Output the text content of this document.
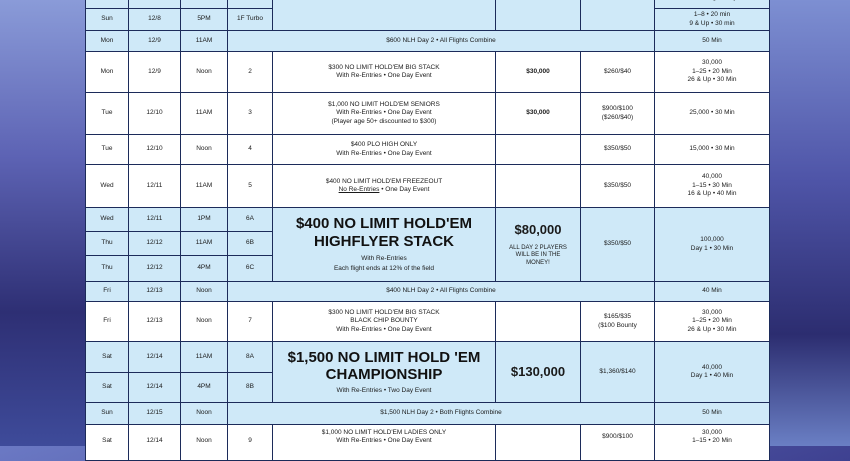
Sun	12/8	5PM	1F Turbo				1–8 • 20 min
9 & Up • 30 min

Mon	12/9	11AM	$600 NLH Day 2 • All Flights Combine				50 Min
Mon	12/9	Noon	2	$300 NO LIMIT HOLD'EM BIG STACK
With Re-Entries • One Day Event	$30,000	$260/$40	30,000
1–25 • 20 Min
26 & Up • 30 Min

Tue	12/10	11AM	3	$1,000 NO LIMIT HOLD'EM SENIORS
With Re-Entries • One Day Event
(Player age 50+ discounted to $300)	$30,000	$900/$100
($260/$40)	25,000 • 30 Min
Tue	12/10	Noon	4	$400 PLO HIGH ONLY
With Re-Entries • One Day Event		$350/$50	15,000 • 30 Min
Wed	12/11	11AM	5	$400 NO LIMIT HOLD'EM FREEZEOUT
No Re-Entries • One Day Event		$350/$50	40,000
1–15 • 30 Min
16 & Up • 40 Min

Wed	12/11	1PM	6A	$400 NO LIMIT HOLD'EM
HIGHFLYER STACK
With Re-Entries
Each flight ends at 12% of the field	$80,000
ALL DAY 2 PLAYERS
WILL BE IN THE
MONEY!	$350/$50	100,000
Day 1 • 30 Min

Thu	12/12	11AM	6B				
Thu	12/12	4PM	6C				
Fri	12/13	Noon	$400 NLH Day 2 • All Flights Combine				40 Min
Fri	12/13	Noon	7	$300 NO LIMIT HOLD'EM BIG STACK
BLACK CHIP BOUNTY
With Re-Entries • One Day Event		$165/$35
($100 Bounty	30,000
1–25 • 20 Min
26 & Up • 30 Min

Sat	12/14	11AM	8A	$1,500 NO LIMIT HOLD 'EM
CHAMPIONSHIP
With Re-Entries • Two Day Event	$130,000	$1,360/$140	40,000
Day 1 • 40 Min

Sat	12/14	4PM	8B				
Sun	12/15	Noon	$1,500 NLH Day 2 • Both Flights Combine				50 Min
Sat	12/14	Noon	9	$1,000 NO LIMIT HOLD'EM LADIES ONLY
With Re-Entries • One Day Event		$900/$100	30,000
1–15 • 20 Min
